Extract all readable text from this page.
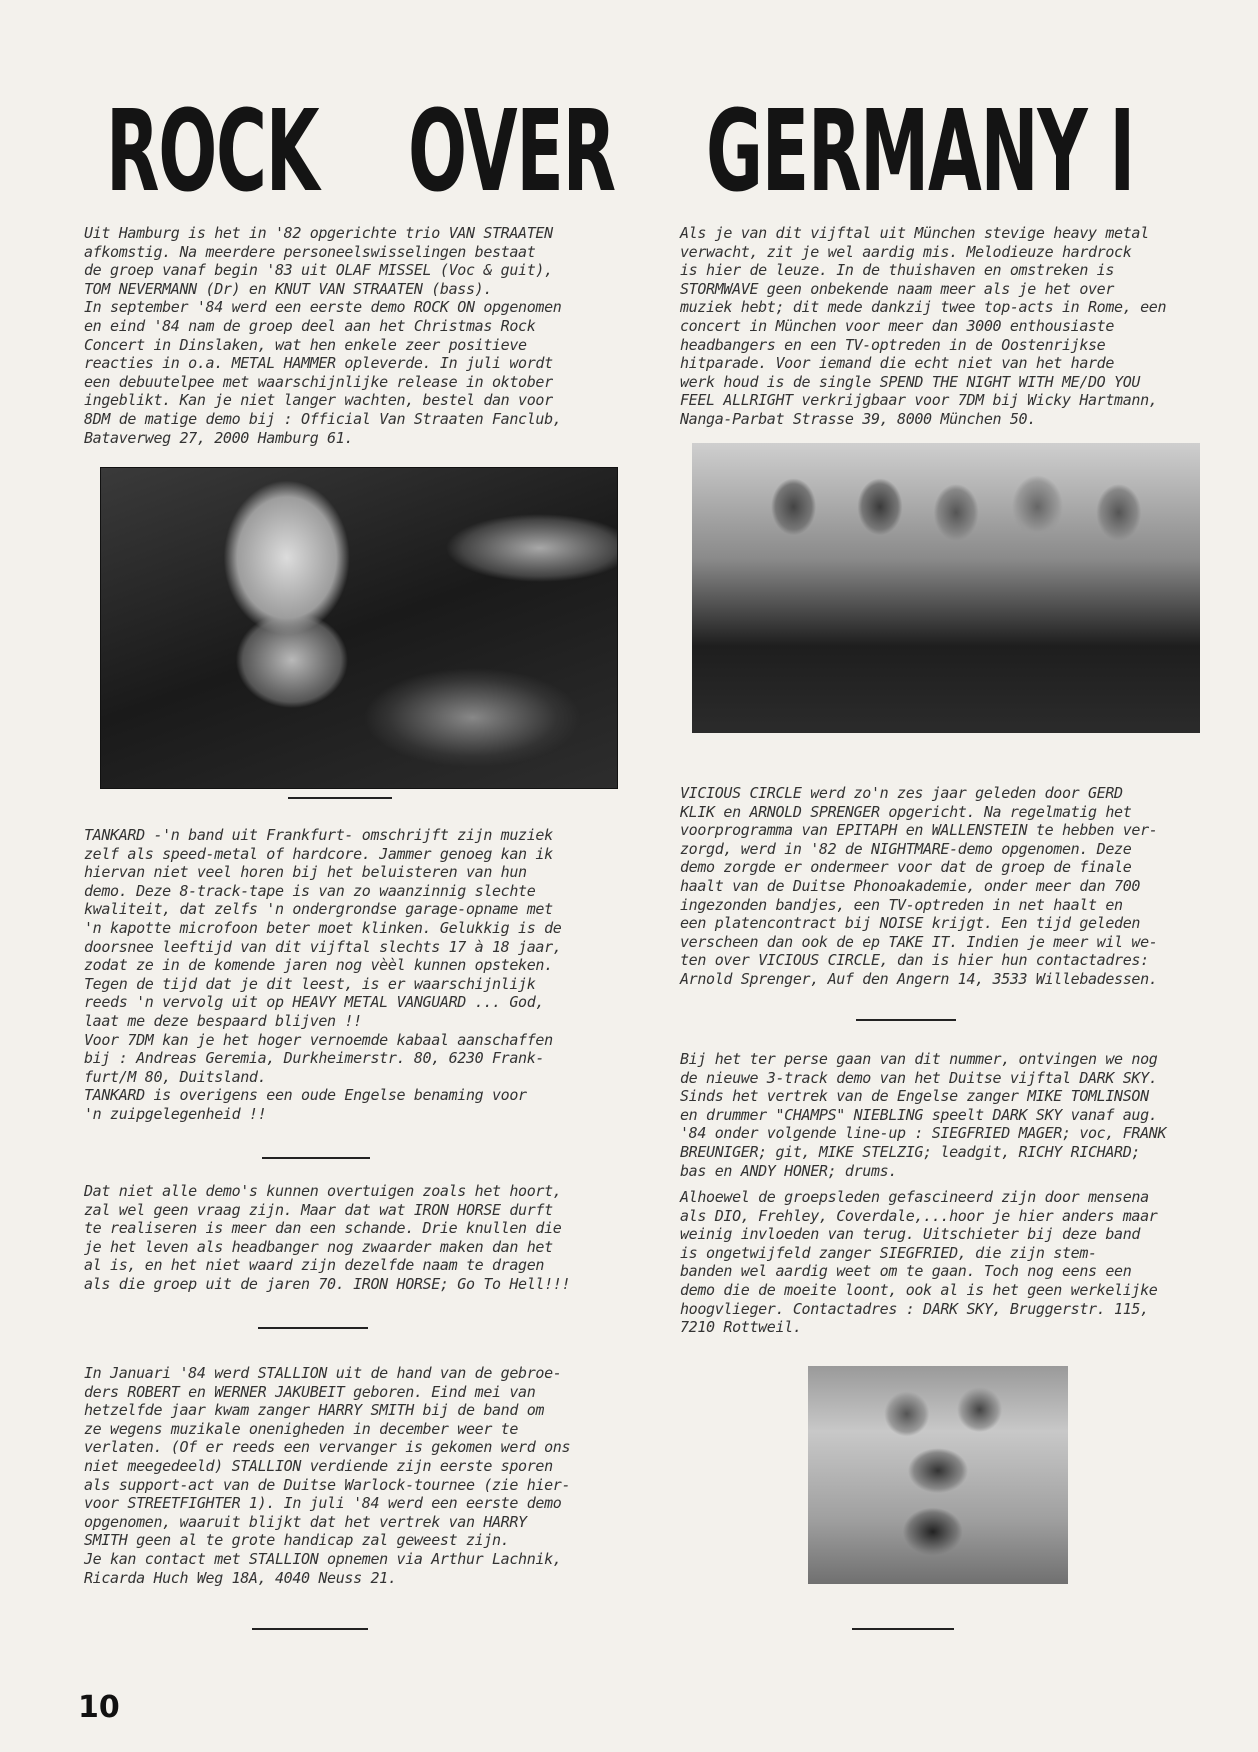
ROCK OVER GERMANY I
Uit Hamburg is het in '82 opgerichte trio VAN STRAATEN
afkomstig. Na meerdere personeelswisselingen bestaat
de groep vanaf begin '83 uit OLAF MISSEL (Voc & guit),
TOM NEVERMANN (Dr) en KNUT VAN STRAATEN (bass).
In september '84 werd een eerste demo ROCK ON opgenomen
en eind '84 nam de groep deel aan het Christmas Rock
Concert in Dinslaken, wat hen enkele zeer positieve
reacties in o.a. METAL HAMMER opleverde. In juli wordt
een debuutelpee met waarschijnlijke release in oktober
ingeblikt. Kan je niet langer wachten, bestel dan voor
8DM de matige demo bij : Official Van Straaten Fanclub,
Bataverweg 27, 2000 Hamburg 61.
TANKARD -'n band uit Frankfurt- omschrijft zijn muziek
zelf als speed-metal of hardcore. Jammer genoeg kan ik
hiervan niet veel horen bij het beluisteren van hun
demo. Deze 8-track-tape is van zo waanzinnig slechte
kwaliteit, dat zelfs 'n ondergrondse garage-opname met
'n kapotte microfoon beter moet klinken. Gelukkig is de
doorsnee leeftijd van dit vijftal slechts 17 à 18 jaar,
zodat ze in de komende jaren nog vèèl kunnen opsteken.
Tegen de tijd dat je dit leest, is er waarschijnlijk
reeds 'n vervolg uit op HEAVY METAL VANGUARD ... God,
laat me deze bespaard blijven !!
Voor 7DM kan je het hoger vernoemde kabaal aanschaffen
bij : Andreas Geremia, Durkheimerstr. 80, 6230 Frank-
furt/M 80, Duitsland.
TANKARD is overigens een oude Engelse benaming voor
'n zuipgelegenheid !!
Dat niet alle demo's kunnen overtuigen zoals het hoort,
zal wel geen vraag zijn. Maar dat wat IRON HORSE durft
te realiseren is meer dan een schande. Drie knullen die
je het leven als headbanger nog zwaarder maken dan het
al is, en het niet waard zijn dezelfde naam te dragen
als die groep uit de jaren 70. IRON HORSE; Go To Hell!!!
In Januari '84 werd STALLION uit de hand van de gebroe-
ders ROBERT en WERNER JAKUBEIT geboren. Eind mei van
hetzelfde jaar kwam zanger HARRY SMITH bij de band om
ze wegens muzikale onenigheden in december weer te
verlaten. (Of er reeds een vervanger is gekomen werd ons
niet meegedeeld) STALLION verdiende zijn eerste sporen
als support-act van de Duitse Warlock-tournee (zie hier-
voor STREETFIGHTER 1). In juli '84 werd een eerste demo
opgenomen, waaruit blijkt dat het vertrek van HARRY
SMITH geen al te grote handicap zal geweest zijn.
Je kan contact met STALLION opnemen via Arthur Lachnik,
Ricarda Huch Weg 18A, 4040 Neuss 21.
Als je van dit vijftal uit München stevige heavy metal
verwacht, zit je wel aardig mis. Melodieuze hardrock
is hier de leuze. In de thuishaven en omstreken is
STORMWAVE geen onbekende naam meer als je het over
muziek hebt; dit mede dankzij twee top-acts in Rome, een
concert in München voor meer dan 3000 enthousiaste
headbangers en een TV-optreden in de Oostenrijkse
hitparade. Voor iemand die echt niet van het harde
werk houd is de single SPEND THE NIGHT WITH ME/DO YOU
FEEL ALLRIGHT verkrijgbaar voor 7DM bij Wicky Hartmann,
Nanga-Parbat Strasse 39, 8000 München 50.
VICIOUS CIRCLE werd zo'n zes jaar geleden door GERD
KLIK en ARNOLD SPRENGER opgericht. Na regelmatig het
voorprogramma van EPITAPH en WALLENSTEIN te hebben ver-
zorgd, werd in '82 de NIGHTMARE-demo opgenomen. Deze
demo zorgde er ondermeer voor dat de groep de finale
haalt van de Duitse Phonoakademie, onder meer dan 700
ingezonden bandjes, een TV-optreden in net haalt en
een platencontract bij NOISE krijgt. Een tijd geleden
verscheen dan ook de ep TAKE IT. Indien je meer wil we-
ten over VICIOUS CIRCLE, dan is hier hun contactadres:
Arnold Sprenger, Auf den Angern 14, 3533 Willebadessen.
Bij het ter perse gaan van dit nummer, ontvingen we nog
de nieuwe 3-track demo van het Duitse vijftal DARK SKY.
Sinds het vertrek van de Engelse zanger MIKE TOMLINSON
en drummer "CHAMPS" NIEBLING speelt DARK SKY vanaf aug.
'84 onder volgende line-up : SIEGFRIED MAGER; voc, FRANK
BREUNIGER; git, MIKE STELZIG; leadgit, RICHY RICHARD;
bas en ANDY HONER; drums.
Alhoewel de groepsleden gefascineerd zijn door mensena
als DIO, Frehley, Coverdale,...hoor je hier anders maar
weinig invloeden van terug. Uitschieter bij deze band
is ongetwijfeld zanger SIEGFRIED, die zijn stem-
banden wel aardig weet om te gaan. Toch nog eens een
demo die de moeite loont, ook al is het geen werkelijke
hoogvlieger. Contactadres : DARK SKY, Bruggerstr. 115,
7210 Rottweil.
10
